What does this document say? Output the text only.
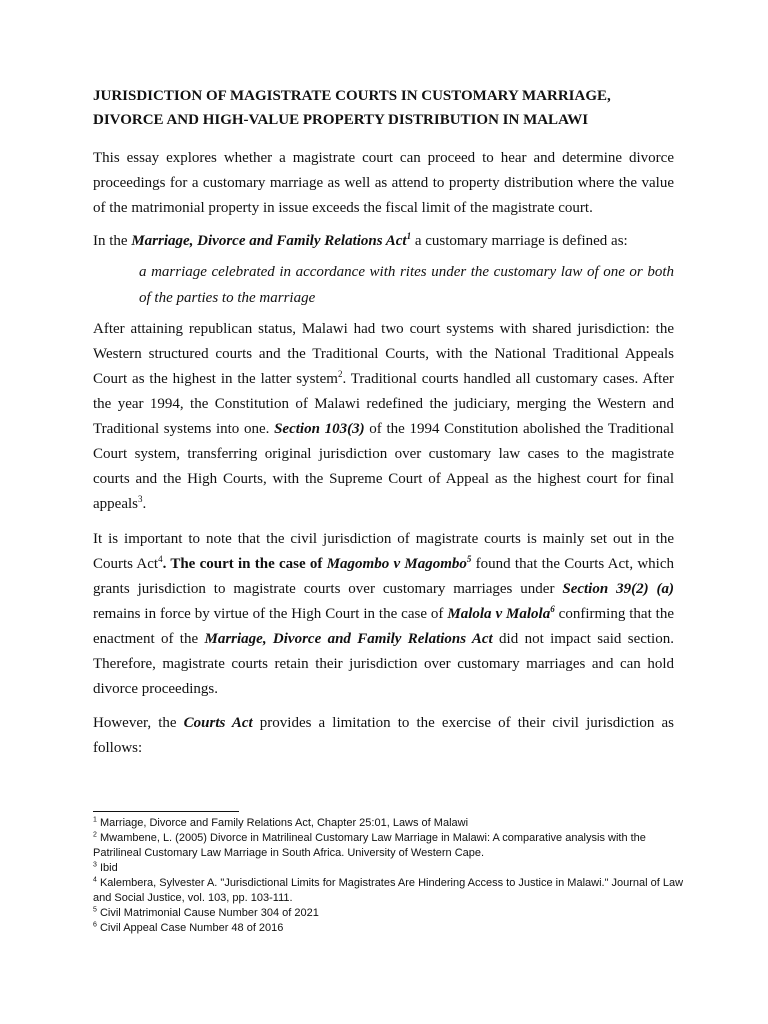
JURISDICTION OF MAGISTRATE COURTS IN CUSTOMARY MARRIAGE,
DIVORCE AND HIGH-VALUE PROPERTY DISTRIBUTION IN MALAWI

This essay explores whether a magistrate court can proceed to hear and determine divorce proceedings for a customary marriage as well as attend to property distribution where the value of the matrimonial property in issue exceeds the fiscal limit of the magistrate court.

In the Marriage, Divorce and Family Relations Act$^1$ a customary marriage is defined as:

a marriage celebrated in accordance with rites under the customary law of one or both of the parties to the marriage

After attaining republican status, Malawi had two court systems with shared jurisdiction: the Western structured courts and the Traditional Courts, with the National Traditional Appeals Court as the highest in the latter system$^2$. Traditional courts handled all customary cases. After the year 1994, the Constitution of Malawi redefined the judiciary, merging the Western and Traditional systems into one. Section 103(3) of the 1994 Constitution abolished the Traditional Court system, transferring original jurisdiction over customary law cases to the magistrate courts and the High Courts, with the Supreme Court of Appeal as the highest court for final appeals$^3$.

It is important to note that the civil jurisdiction of magistrate courts is mainly set out in the Courts Act$^4$. The court in the case of Magombo v Magombo$^5$ found that the Courts Act, which grants jurisdiction to magistrate courts over customary marriages under Section 39(2) (a) remains in force by virtue of the High Court in the case of Malola v Malola$^6$ confirming that the enactment of the Marriage, Divorce and Family Relations Act did not impact said section. Therefore, magistrate courts retain their jurisdiction over customary marriages and can hold divorce proceedings.

However, the Courts Act provides a limitation to the exercise of their civil jurisdiction as follows:

$^1$ Marriage, Divorce and Family Relations Act, Chapter 25:01, Laws of Malawi
$^2$ Mwambene, L. (2005) Divorce in Matrilineal Customary Law Marriage in Malawi: A comparative analysis with the Patrilineal Customary Law Marriage in South Africa. University of Western Cape.
$^3$ Ibid
$^4$ Kalembera, Sylvester A. "Jurisdictional Limits for Magistrates Are Hindering Access to Justice in Malawi." Journal of Law and Social Justice, vol. 103, pp. 103-111.
$^5$ Civil Matrimonial Cause Number 304 of 2021
$^6$ Civil Appeal Case Number 48 of 2016
